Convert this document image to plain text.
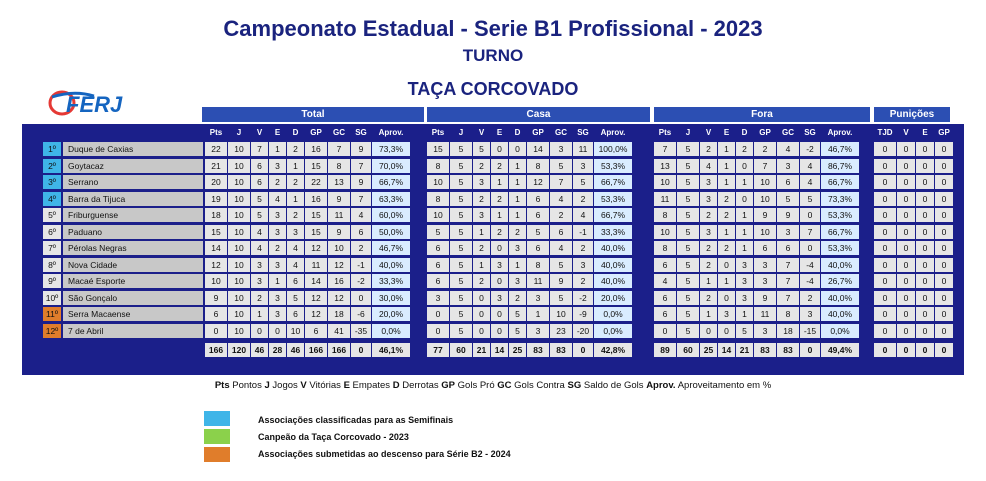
Campeonato Estadual - Serie B1 Profissional - 2023
TURNO
TAÇA CORCOVADO
FERJ	Total	Casa	Fora	Punições
Pts	J	V	E	D	GP	GC	SG	Aprov.	Pts	J	V	E	D	GP	GC	SG	Aprov.	Pts	J	V	E	D	GP	GC	SG	Aprov.	TJD	V	E	GP
1º	Duque de Caxias	22	10	7	1	2	16	7	9	73,3%	15	5	5	0	0	14	3	11	100,0%	7	5	2	1	2	2	4	-2	46,7%	0	0	0	0
2º	Goytacaz	21	10	6	3	1	15	8	7	70,0%	8	5	2	2	1	8	5	3	53,3%	13	5	4	1	0	7	3	4	86,7%	0	0	0	0
3º	Serrano	20	10	6	2	2	22	13	9	66,7%	10	5	3	1	1	12	7	5	66,7%	10	5	3	1	1	10	6	4	66,7%	0	0	0	0
4º	Barra da Tijuca	19	10	5	4	1	16	9	7	63,3%	8	5	2	2	1	6	4	2	53,3%	11	5	3	2	0	10	5	5	73,3%	0	0	0	0
5º	Friburguense	18	10	5	3	2	15	11	4	60,0%	10	5	3	1	1	6	2	4	66,7%	8	5	2	2	1	9	9	0	53,3%	0	0	0	0
6º	Paduano	15	10	4	3	3	15	9	6	50,0%	5	5	1	2	2	5	6	-1	33,3%	10	5	3	1	1	10	3	7	66,7%	0	0	0	0
7º	Pérolas Negras	14	10	4	2	4	12	10	2	46,7%	6	5	2	0	3	6	4	2	40,0%	8	5	2	2	1	6	6	0	53,3%	0	0	0	0
8º	Nova Cidade	12	10	3	3	4	11	12	-1	40,0%	6	5	1	3	1	8	5	3	40,0%	6	5	2	0	3	3	7	-4	40,0%	0	0	0	0
9º	Macaé Esporte	10	10	3	1	6	14	16	-2	33,3%	6	5	2	0	3	11	9	2	40,0%	4	5	1	1	3	3	7	-4	26,7%	0	0	0	0
10º	São Gonçalo	9	10	2	3	5	12	12	0	30,0%	3	5	0	3	2	3	5	-2	20,0%	6	5	2	0	3	9	7	2	40,0%	0	0	0	0
11º	Serra Macaense	6	10	1	3	6	12	18	-6	20,0%	0	5	0	0	5	1	10	-9	0,0%	6	5	1	3	1	11	8	3	40,0%	0	0	0	0
12º	7 de Abril	0	10	0	0	10	6	41	-35	0,0%	0	5	0	0	5	3	23	-20	0,0%	0	5	0	0	5	3	18	-15	0,0%	0	0	0	0
166	120	46	28	46	166	166	0	46,1%	77	60	21	14	25	83	83	0	42,8%	89	60	25	14	21	83	83	0	49,4%	0	0	0	0
Pts Pontos J Jogos V Vitórias E Empates D Derrotas GP Gols Pró GC Gols Contra SG Saldo de Gols Aprov. Aproveitamento em %
Associações classificadas para as Semifinais
Canpeão da Taça Corcovado - 2023
Associações submetidas ao descenso para Série B2 - 2024
